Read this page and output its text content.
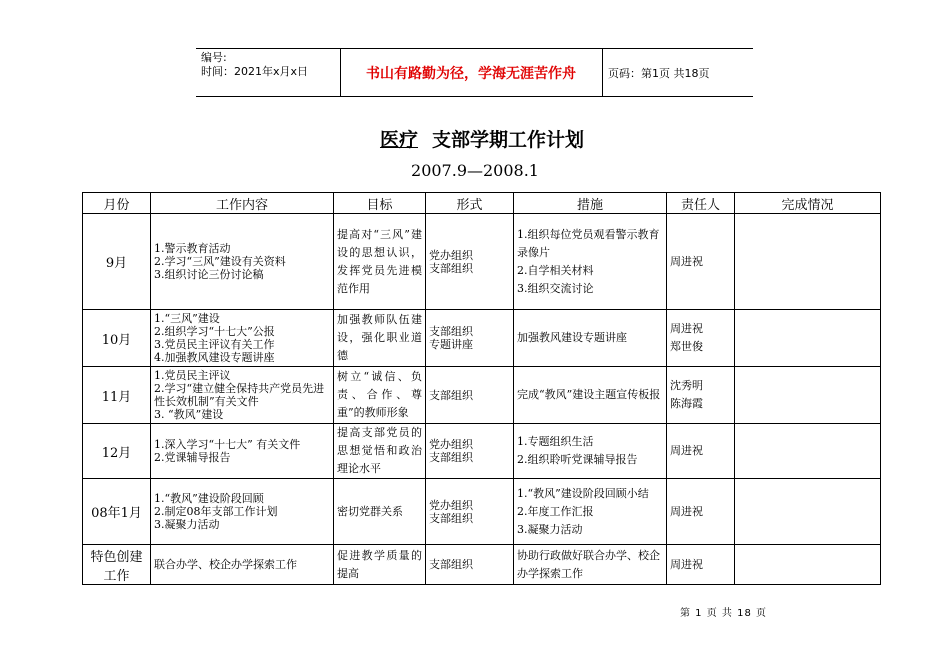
编号:
时间：2021年x月x日	书山有路勤为径，学海无涯苦作舟	页码：第1页 共18页
医疗 支部学期工作计划
2007.9—2008.1
月份	工作内容	目标	形式	措施	责任人	完成情况
9月	1.警示教育活动
2.学习“三风”建设有关资料
3.组织讨论三份讨论稿	提高对“三风”建设的思想认识，发挥党员先进模范作用	党办组织
支部组织	1.组织每位党员观看警示教育录像片
2.自学相关材料
3.组织交流讨论	周进祝	

10月	1.“三风”建设
2.组织学习“十七大”公报
3.党员民主评议有关工作
4.加强教风建设专题讲座	加强教师队伍建设，强化职业道德	支部组织
专题讲座	加强教风建设专题讲座	周进祝
郑世俊	

11月	1.党员民主评议
2.学习“建立健全保持共产党员先进性长效机制”有关文件
3. “教风”建设	树立“诚信、负责、合作、尊重”的教师形象	支部组织	完成“教风”建设主题宣传板报	沈秀明
陈海霞	

12月	1.深入学习“十七大” 有关文件
2.党课辅导报告	提高支部党员的思想觉悟和政治理论水平	党办组织
支部组织	1.专题组织生活
2.组织聆听党课辅导报告	周进祝	

08年1月	1.“教风”建设阶段回顾
2.制定08年支部工作计划
3.凝聚力活动	密切党群关系	党办组织
支部组织	1.“教风”建设阶段回顾小结
2.年度工作汇报
3.凝聚力活动	周进祝	

特色创建工作	联合办学、校企办学探索工作	促进教学质量的提高	支部组织	协助行政做好联合办学、校企办学探索工作	周进祝	

第 1 页 共 18 页
